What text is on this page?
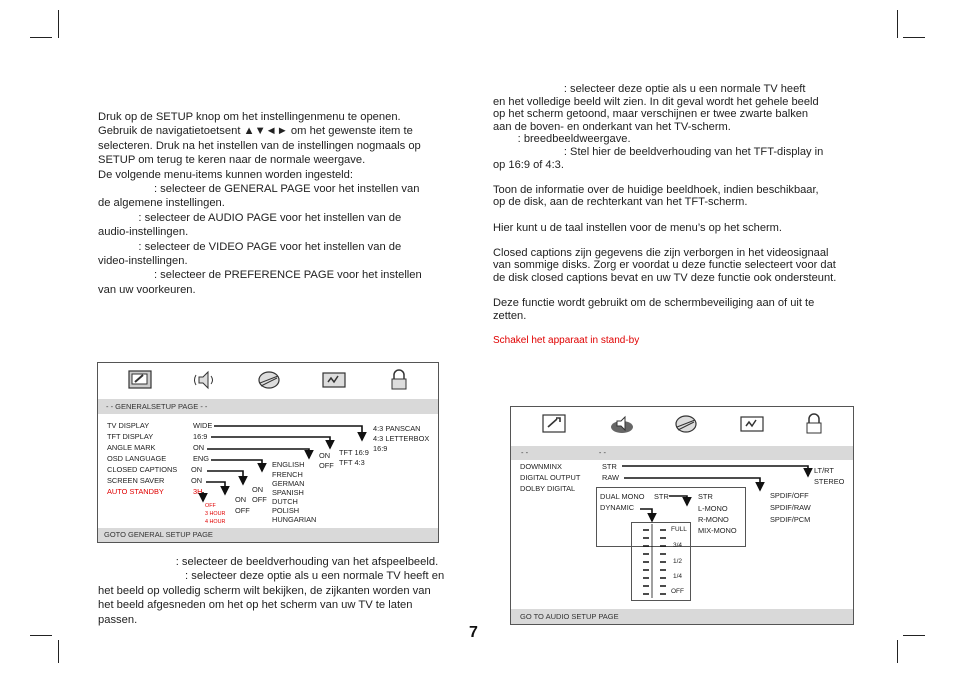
Druk op de SETUP knop om het instellingenmenu te openen.

Gebruik de navigatietoetsent ▲▼◄► om het gewenste item te

selecteren. Druk na het instellen van de instellingen nogmaals op

SETUP om terug te keren naar de normale weergave.

De volgende menu-items kunnen worden ingesteld:

: selecteer de GENERAL PAGE voor het instellen van

de algemene instellingen.

: selecteer de AUDIO PAGE voor het instellen van de

audio-instellingen.

: selecteer de VIDEO PAGE voor het instellen van de

video-instellingen.

: selecteer de PREFERENCE PAGE voor het instellen

van uw voorkeuren.

: selecteer de beeldverhouding van het afspeelbeeld.

: selecteer deze optie als u een normale TV heeft en

het beeld op volledig scherm wilt bekijken, de zijkanten worden van

het beeld afgesneden om het op het scherm van uw TV te laten

passen.

: selecteer deze optie als u een normale TV heeft

en het volledige beeld wilt zien. In dit geval wordt het gehele beeld

op het scherm getoond, maar verschijnen er twee zwarte balken

aan de boven- en onderkant van het TV-scherm.

: breedbeeldweergave.

: Stel hier de beeldverhouding van het TFT-display in

op 16:9 of 4:3.

Toon de informatie over de huidige beeldhoek, indien beschikbaar,

op de disk, aan de rechterkant van het TFT-scherm.

Hier kunt u de taal instellen voor de menu’s op het scherm.

Closed captions zijn gegevens die zijn verborgen in het videosignaal

van sommige disks. Zorg er voordat u deze functie selecteert voor dat

de disk closed captions bevat en uw TV deze functie ook ondersteunt.

Deze functie wordt gebruikt om de schermbeveiliging aan of uit te

zetten.

Schakel het apparaat in stand-by
- - GENERALSETUP PAGE - -
GOTO GENERAL SETUP PAGE
TV DISPLAY
TFT DISPLAY
ANGLE MARK
OSD LANGUAGE
CLOSED CAPTIONS
SCREEN SAVER
AUTO STANDBY
WIDE
16:9
ON
ENG
ON
ON
3H
4:3 PANSCAN
4:3 LETTERBOX
16:9
TFT 16:9
TFT 4:3
ON
OFF
ENGLISH
FRENCH
GERMAN
SPANISH
DUTCH
POLISH
HUNGARIAN
ON
OFF
ON
OFF
OFF
3 HOUR
4 HOUR
- -                                  - -
GO TO AUDIO SETUP PAGE
DOWNMINX
DIGITAL OUTPUT
DOLBY DIGITAL
STR
RAW
LT/RT
STEREO
DUAL MONO
DYNAMIC
STR	STR
L-MONO
R-MONO
MIX-MONO
SPDIF/OFF
SPDIF/RAW
SPDIF/PCM
FULL
3/4
1/2
1/4
OFF
7
